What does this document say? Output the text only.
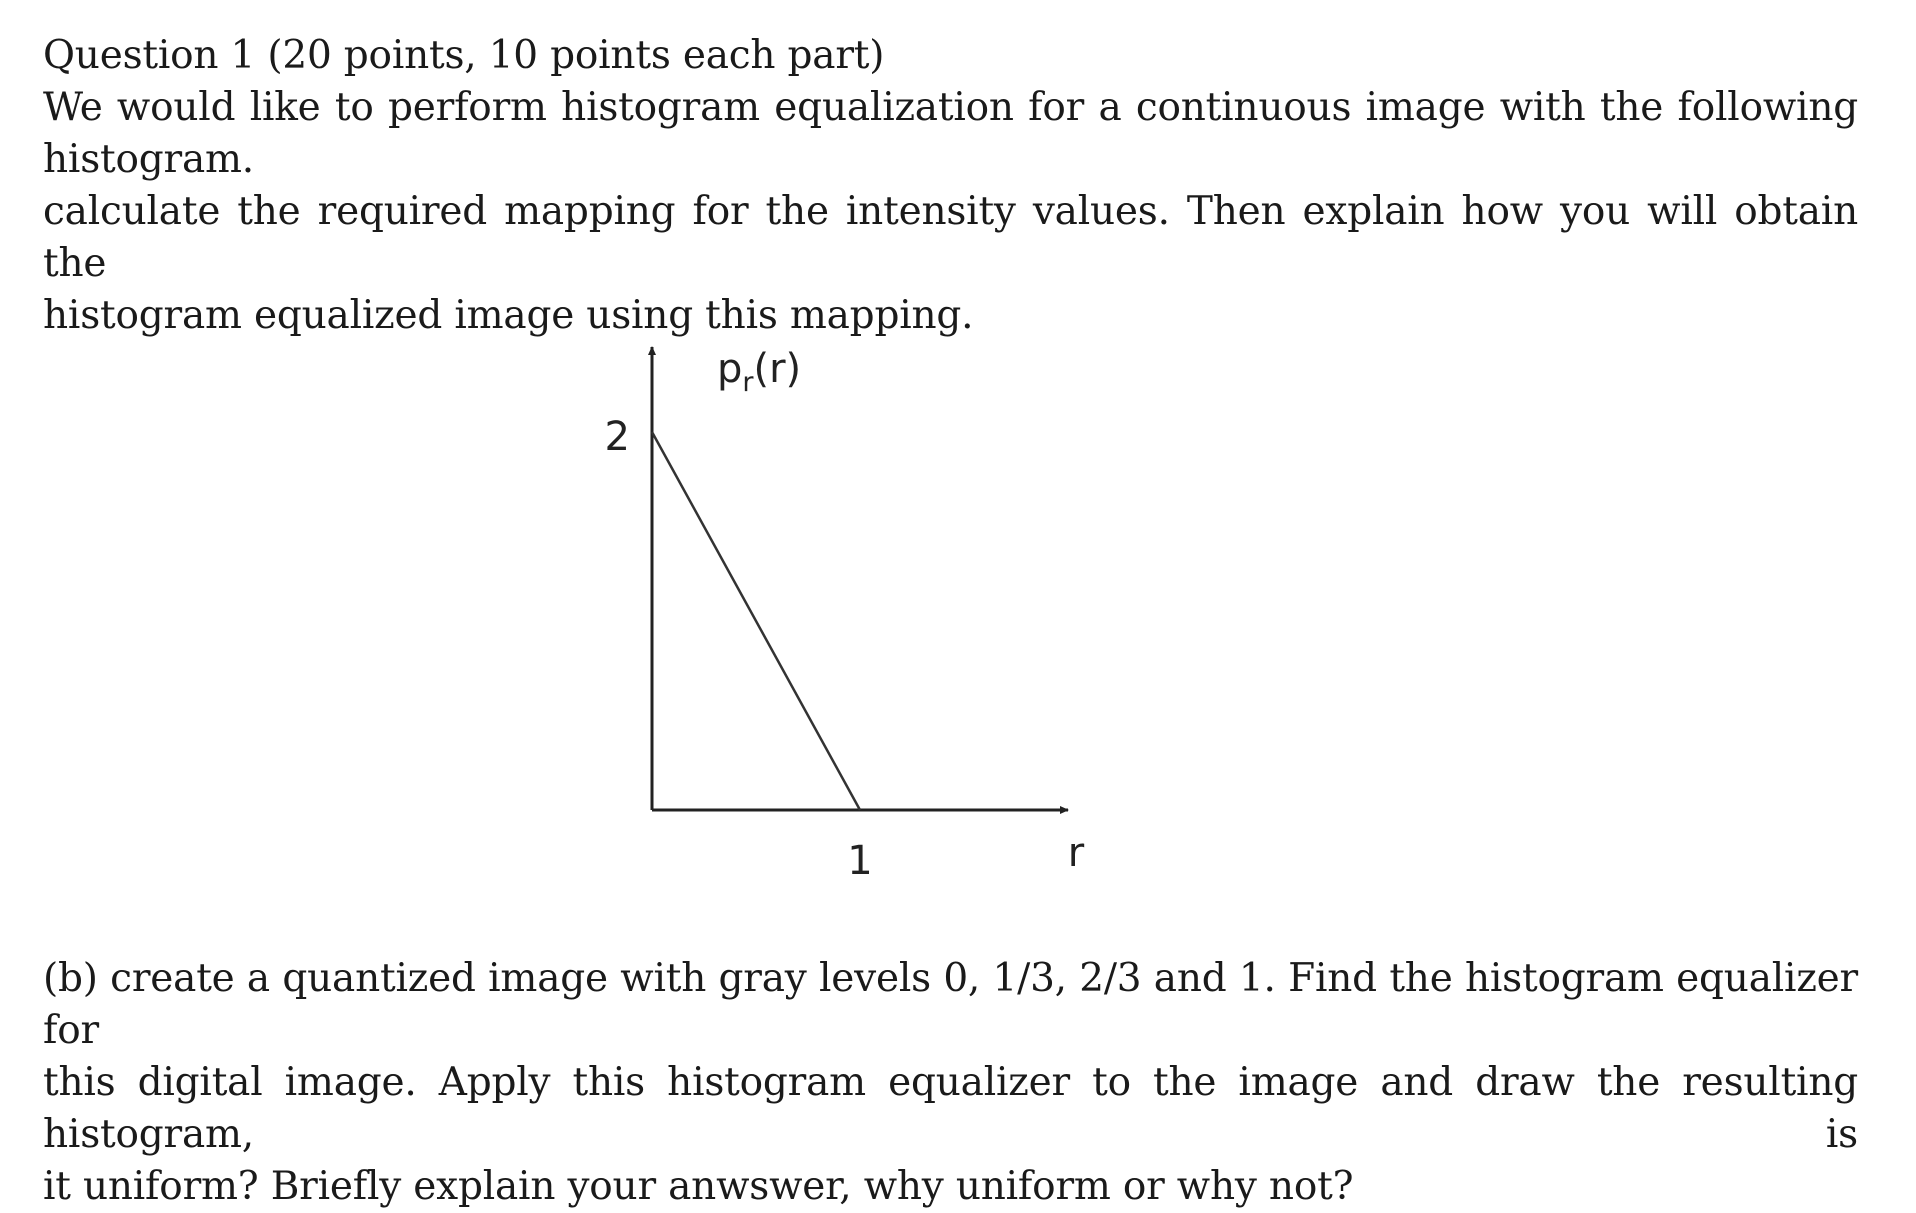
Question 1 (20 points, 10 points each part)
We would like to perform histogram equalization for a continuous image with the following histogram.
calculate the required mapping for the intensity values. Then explain how you will obtain the
histogram equalized image using this mapping.
$p_r(r)$
2
1	r
(b) create a quantized image with gray levels 0, 1/3, 2/3 and 1. Find the histogram equalizer for
this digital image. Apply this histogram equalizer to the image and draw the resulting histogram, is
it uniform? Briefly explain your anwswer, why uniform or why not?
